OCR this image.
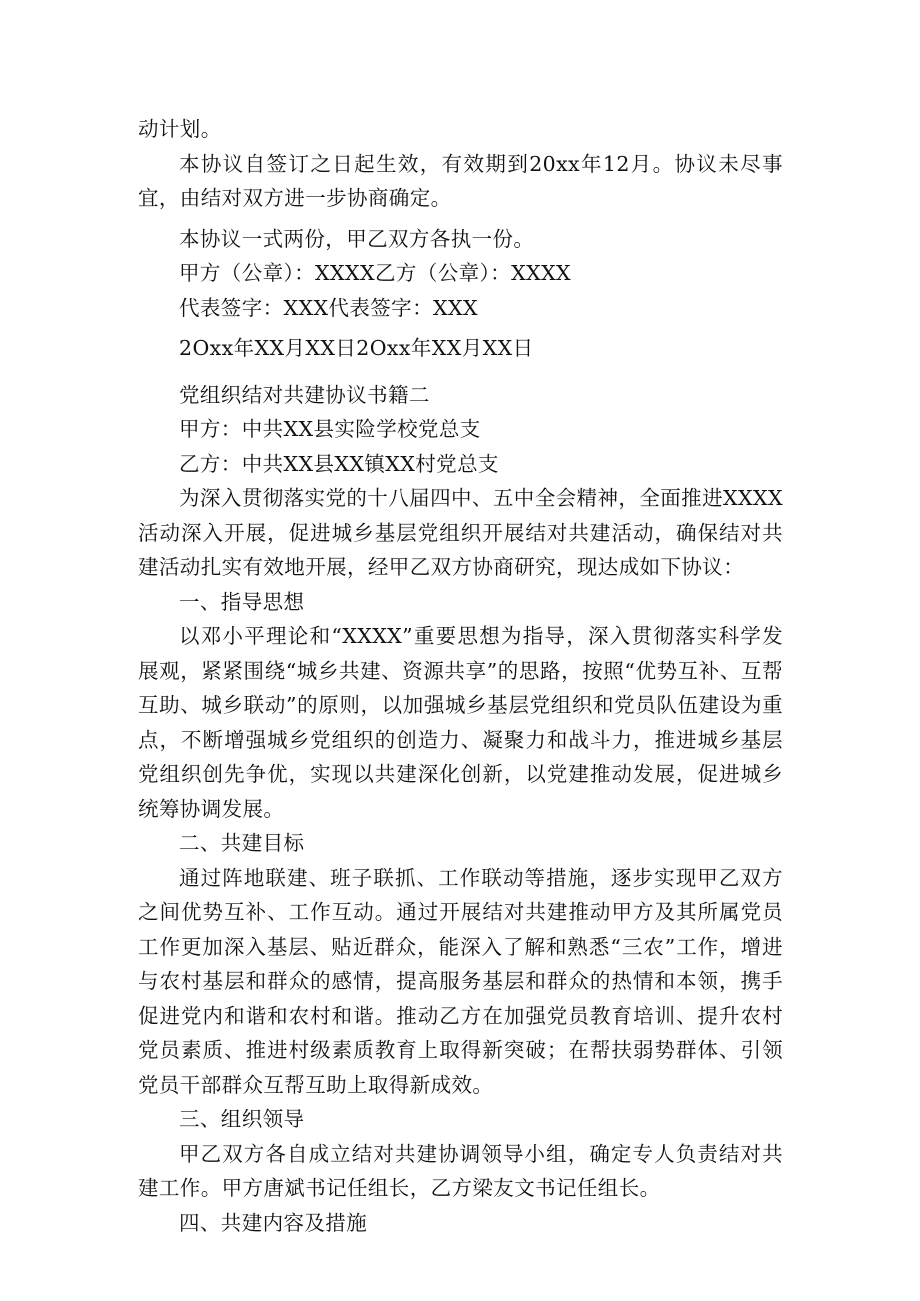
动计划。

本协议自签订之日起生效，有效期到20xx年12月。协议未尽事宜，由结对双方进一步协商确定。

本协议一式两份，甲乙双方各执一份。

甲方（公章）：XXXX乙方（公章）：XXXX

代表签字：XXX代表签字：XXX

2Oxx年XX月XX日2Oxx年XX月XX日

党组织结对共建协议书籍二

甲方：中共XX县实险学校党总支

乙方：中共XX县XX镇XX村党总支

为深入贯彻落实党的十八届四中、五中全会精神，全面推进XXXX活动深入开展，促进城乡基层党组织开展结对共建活动，确保结对共建活动扎实有效地开展，经甲乙双方协商研究，现达成如下协议：

一、指导思想

以邓小平理论和“XXXX”重要思想为指导，深入贯彻落实科学发展观，紧紧围绕“城乡共建、资源共享”的思路，按照“优势互补、互帮互助、城乡联动”的原则，以加强城乡基层党组织和党员队伍建设为重点，不断增强城乡党组织的创造力、凝聚力和战斗力，推进城乡基层党组织创先争优，实现以共建深化创新，以党建推动发展，促进城乡统筹协调发展。

二、共建目标

通过阵地联建、班子联抓、工作联动等措施，逐步实现甲乙双方之间优势互补、工作互动。通过开展结对共建推动甲方及其所属党员工作更加深入基层、贴近群众，能深入了解和熟悉“三农”工作，增进与农村基层和群众的感情，提高服务基层和群众的热情和本领，携手促进党内和谐和农村和谐。推动乙方在加强党员教育培训、提升农村党员素质、推进村级素质教育上取得新突破；在帮扶弱势群体、引领党员干部群众互帮互助上取得新成效。

三、组织领导

甲乙双方各自成立结对共建协调领导小组，确定专人负责结对共建工作。甲方唐斌书记任组长，乙方梁友文书记任组长。

四、共建内容及措施
